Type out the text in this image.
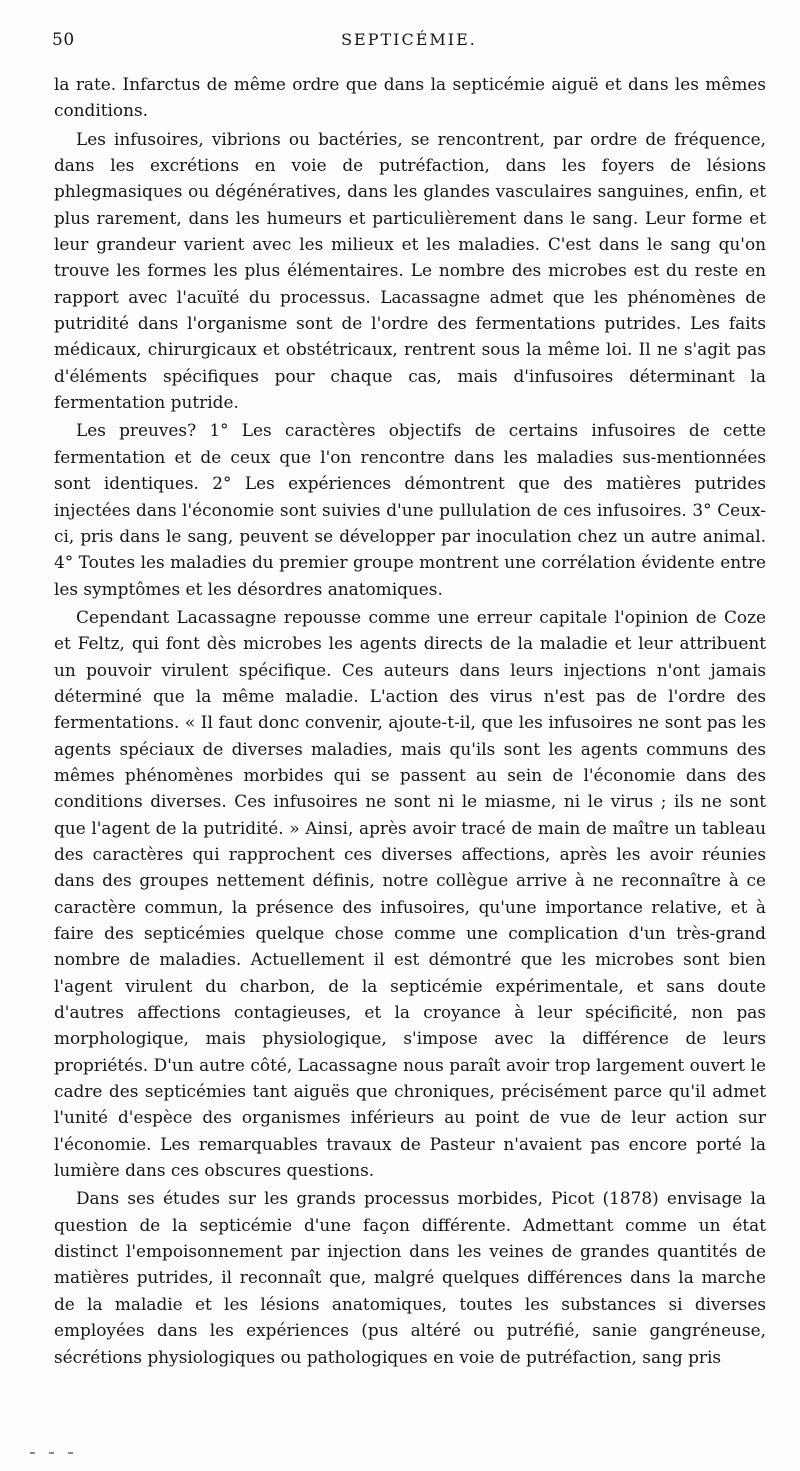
50	SEPTICÉMIE.

la rate. Infarctus de même ordre que dans la septicémie aiguë et dans les mêmes conditions.

Les infusoires, vibrions ou bactéries, se rencontrent, par ordre de fréquence, dans les excrétions en voie de putréfaction, dans les foyers de lésions phlegmasiques ou dégénératives, dans les glandes vasculaires sanguines, enfin, et plus rarement, dans les humeurs et particulièrement dans le sang. Leur forme et leur grandeur varient avec les milieux et les maladies. C'est dans le sang qu'on trouve les formes les plus élémentaires. Le nombre des microbes est du reste en rapport avec l'acuïté du processus. Lacassagne admet que les phénomènes de putridité dans l'organisme sont de l'ordre des fermentations putrides. Les faits médicaux, chirurgicaux et obstétricaux, rentrent sous la même loi. Il ne s'agit pas d'éléments spécifiques pour chaque cas, mais d'infusoires déterminant la fermentation putride.

Les preuves? 1° Les caractères objectifs de certains infusoires de cette fermentation et de ceux que l'on rencontre dans les maladies sus-mentionnées sont identiques. 2° Les expériences démontrent que des matières putrides injectées dans l'économie sont suivies d'une pullulation de ces infusoires. 3° Ceux-ci, pris dans le sang, peuvent se développer par inoculation chez un autre animal. 4° Toutes les maladies du premier groupe montrent une corrélation évidente entre les symptômes et les désordres anatomiques.

Cependant Lacassagne repousse comme une erreur capitale l'opinion de Coze et Feltz, qui font dès microbes les agents directs de la maladie et leur attribuent un pouvoir virulent spécifique. Ces auteurs dans leurs injections n'ont jamais déterminé que la même maladie. L'action des virus n'est pas de l'ordre des fermentations. « Il faut donc convenir, ajoute-t-il, que les infusoires ne sont pas les agents spéciaux de diverses maladies, mais qu'ils sont les agents communs des mêmes phénomènes morbides qui se passent au sein de l'économie dans des conditions diverses. Ces infusoires ne sont ni le miasme, ni le virus ; ils ne sont que l'agent de la putridité. » Ainsi, après avoir tracé de main de maître un tableau des caractères qui rapprochent ces diverses affections, après les avoir réunies dans des groupes nettement définis, notre collègue arrive à ne reconnaître à ce caractère commun, la présence des infusoires, qu'une importance relative, et à faire des septicémies quelque chose comme une complication d'un très-grand nombre de maladies. Actuellement il est démontré que les microbes sont bien l'agent virulent du charbon, de la septicémie expérimentale, et sans doute d'autres affections contagieuses, et la croyance à leur spécificité, non pas morphologique, mais physiologique, s'impose avec la différence de leurs propriétés. D'un autre côté, Lacassagne nous paraît avoir trop largement ouvert le cadre des septicémies tant aiguës que chroniques, précisément parce qu'il admet l'unité d'espèce des organismes inférieurs au point de vue de leur action sur l'économie. Les remarquables travaux de Pasteur n'avaient pas encore porté la lumière dans ces obscures questions.

Dans ses études sur les grands processus morbides, Picot (1878) envisage la question de la septicémie d'une façon différente. Admettant comme un état distinct l'empoisonnement par injection dans les veines de grandes quantités de matières putrides, il reconnaît que, malgré quelques différences dans la marche de la maladie et les lésions anatomiques, toutes les substances si diverses employées dans les expériences (pus altéré ou putréfié, sanie gangréneuse, sécrétions physiologiques ou pathologiques en voie de putréfaction, sang pris
